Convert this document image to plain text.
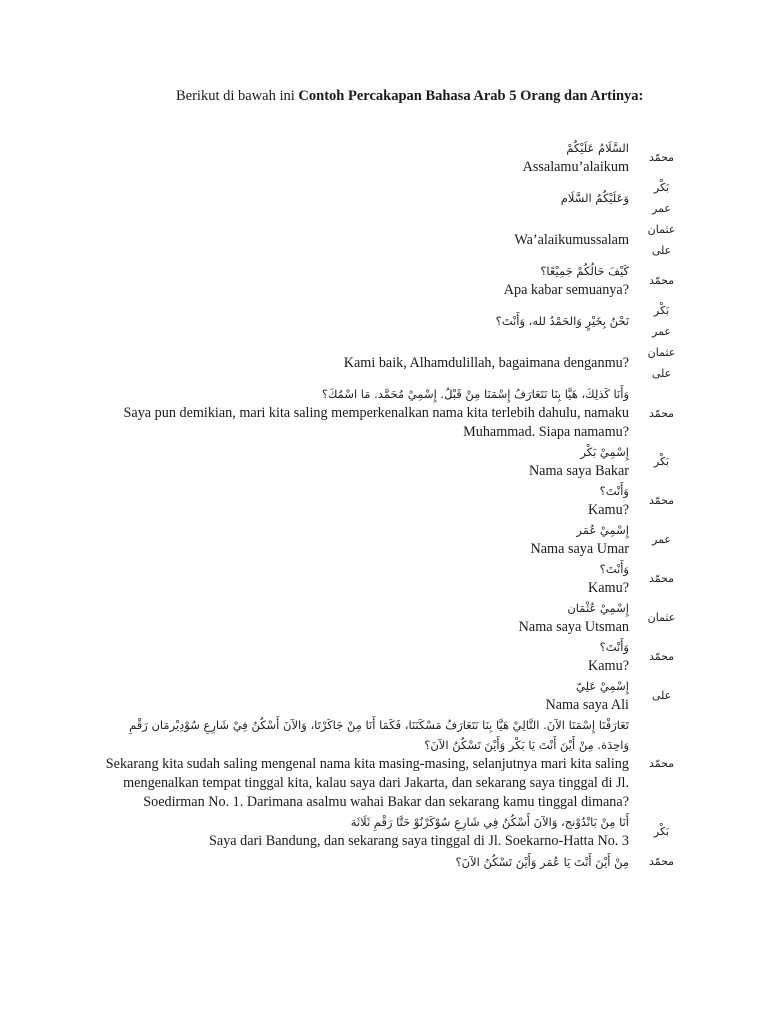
Berikut di bawah ini Contoh Percakapan Bahasa Arab 5 Orang dan Artinya:
السَّلَامُ عَلَيْكُمْ
Assalamu’alaikum
محمّد
وَعَلَيْكُمُ السَّلَام
بَكْر
عمر
Wa’alaikumussalam
عثمان
على
كَيْفَ حَالُكُمْ جَمِيْعًا؟
Apa kabar semuanya?
محمّد
نَحْنُ بِخَيْرٍ وَالحَمْدُ لله، وَأَنْتَ؟
بَكْر
عمر
Kami baik, Alhamdulillah, bagaimana denganmu?
عثمان
على
وَأَنَا كَذلِكَ، هَيَّا بِنَا نَتَعَارَفُ إِسْمَنَا مِنْ قَبْلُ. إِسْمِيْ مُحَمَّد. مَا اسْمُكَ؟
Saya pun demikian, mari kita saling memperkenalkan nama kita terlebih dahulu, namaku Muhammad. Siapa namamu?
محمّد
إِسْمِيْ بَكْر
Nama saya Bakar
بَكْر
وَأَنْتَ؟
Kamu?
محمّد
إِسْمِيْ عُمَر
Nama saya Umar
عمر
وَأَنْتَ؟
Kamu?
محمّد
إِسْمِيْ عُثْمَان
Nama saya Utsman
عثمان
وَأَنْتَ؟
Kamu?
محمّد
إِسْمِيْ عَلِيّ
Nama saya Ali
على
تَعَارَفْنَا إِسْمَنَا الآنَ. التَّالِيْ هَيَّا بِنَا نَتَعَارَفُ مَسْكَنَنَا، فَكَمَا أَنَا مِنْ جَاكَرْتَا، وَالآنَ أَسْكُنُ فِيْ شَارِعِ سُوْدِيْرمَان رَقْمِ وَاحِدَة. مِنْ أَيْنَ أَنْتَ يَا بَكْر وَأَيْنَ تَسْكُنُ الآنَ؟
Sekarang kita sudah saling mengenal nama kita masing-masing, selanjutnya mari kita saling mengenalkan tempat tinggal kita, kalau saya dari Jakarta, dan sekarang saya tinggal di Jl. Soedirman No. 1. Darimana asalmu wahai Bakar dan sekarang kamu tinggal dimana?
محمّد
أَنَا مِنْ بَانْدُوْنج، وَالآنَ أَسْكُنُ فِي شَارِعِ سُوْكَرْنُوْ حَتَّا رَقْمِ ثَلَاثَة
Saya dari Bandung, dan sekarang saya tinggal di Jl. Soekarno-Hatta No. 3
بَكْر
مِنْ أَيْنَ أَنْتَ يَا عُمَر وَأَيْنَ تَسْكُنُ الآنَ؟ محمّد
